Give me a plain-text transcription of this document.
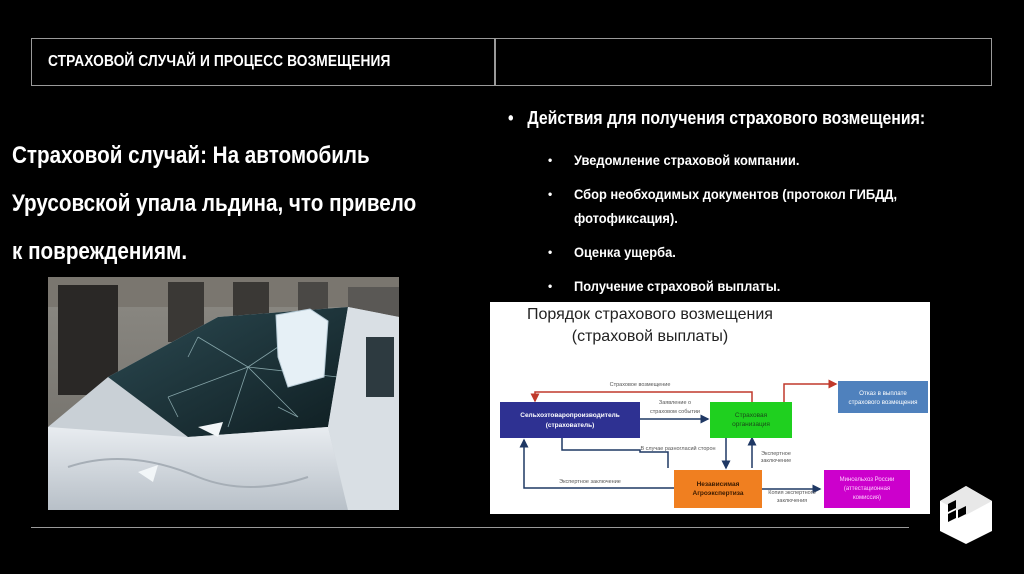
СТРАХОВОЙ СЛУЧАЙ И ПРОЦЕСС ВОЗМЕЩЕНИЯ
Страховой случай: На автомобиль
Урусовской упала льдина, что привело
к повреждениям.
• Действия для получения страхового возмещения:
• Уведомление страховой компании.
• Сбор необходимых документов (протокол ГИБДД,
фотофиксация).
• Оценка ущерба.
• Получение страховой выплаты.
Порядок страхового возмещения
(страховой выплаты)
Сельхозтоваропроизводитель
(страхователь)
Страховая
организация
Отказ в выплате
страхового возмещения
Независимая
Агроэкспертиза
Минсельхоз России
(аттестационная
комиссия)
Страховое возмещение
Заявление о
страховом событии
В случае разногласий сторон
Экспертное
заключение
Экспертное заключение
Копия экспертного
заключения
